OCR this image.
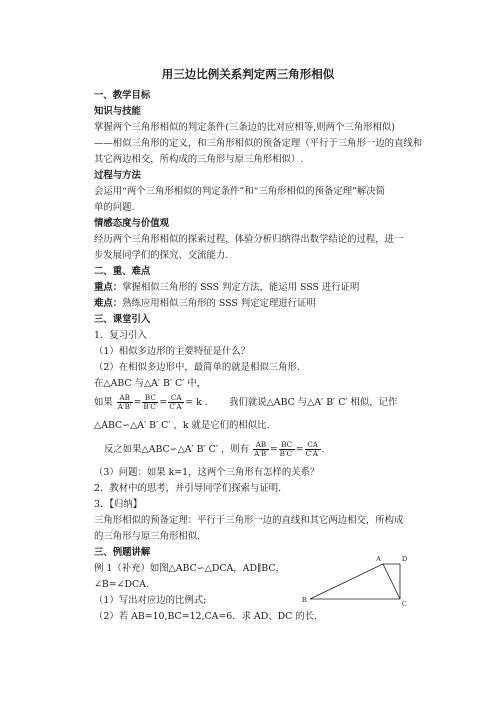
用三边比例关系判定两三角形相似
一、教学目标
知识与技能
掌握两个三角形相似的判定条件(三条边的比对应相等,则两个三角形相似)
——相似三角形的定义，和三角形相似的预备定理（平行于三角形一边的直线和
其它两边相交，所构成的三角形与原三角形相似）.
过程与方法
会运用“两个三角形相似的判定条件”和“三角形相似的预备定理”解决简
单的问题.
情感态度与价值观
经历两个三角形相似的探索过程，体验分析归纳得出数学结论的过程，进一
步发展同学们的探究、交流能力.
二、重、难点
重点：掌握相似三角形的 SSS 判定方法，能运用 SSS 进行证明
难点：熟练应用相似三角形的 SSS 判定定理进行证明
三、课堂引入
1．复习引入
（1）相似多边形的主要特征是什么？
（2）在相似多边形中，最简单的就是相似三角形.
在△ABC 与△A′ B′ C′ 中，
如果 $\frac{AB}{A'B'} = \frac{BC}{B'C'} = \frac{CA}{C'A'} = k$ ． 我们就说△ABC 与△A′ B′ C′ 相似，记作
△ABC∽△A′ B′ C′ ，k 就是它们的相似比.
反之如果△ABC∽△A′ B′ C′ ，则有 $\frac{AB}{A'B'} = \frac{BC}{B'C'} = \frac{CA}{C'A'}$ .
（3）问题：如果 k=1，这两个三角形有怎样的关系？
2．教材中的思考，并引导同学们探索与证明.
3．【归纳】
三角形相似的预备定理：平行于三角形一边的直线和其它两边相交，所构成
的三角形与原三角形相似.
三、例题讲解
例 1（补充）如图△ABC∽△DCA，AD∥BC，
∠B=∠DCA.
（1）写出对应边的比例式;
（2）若 AB=10,BC=12,CA=6．求 AD、DC 的长.
A	D
B	C
